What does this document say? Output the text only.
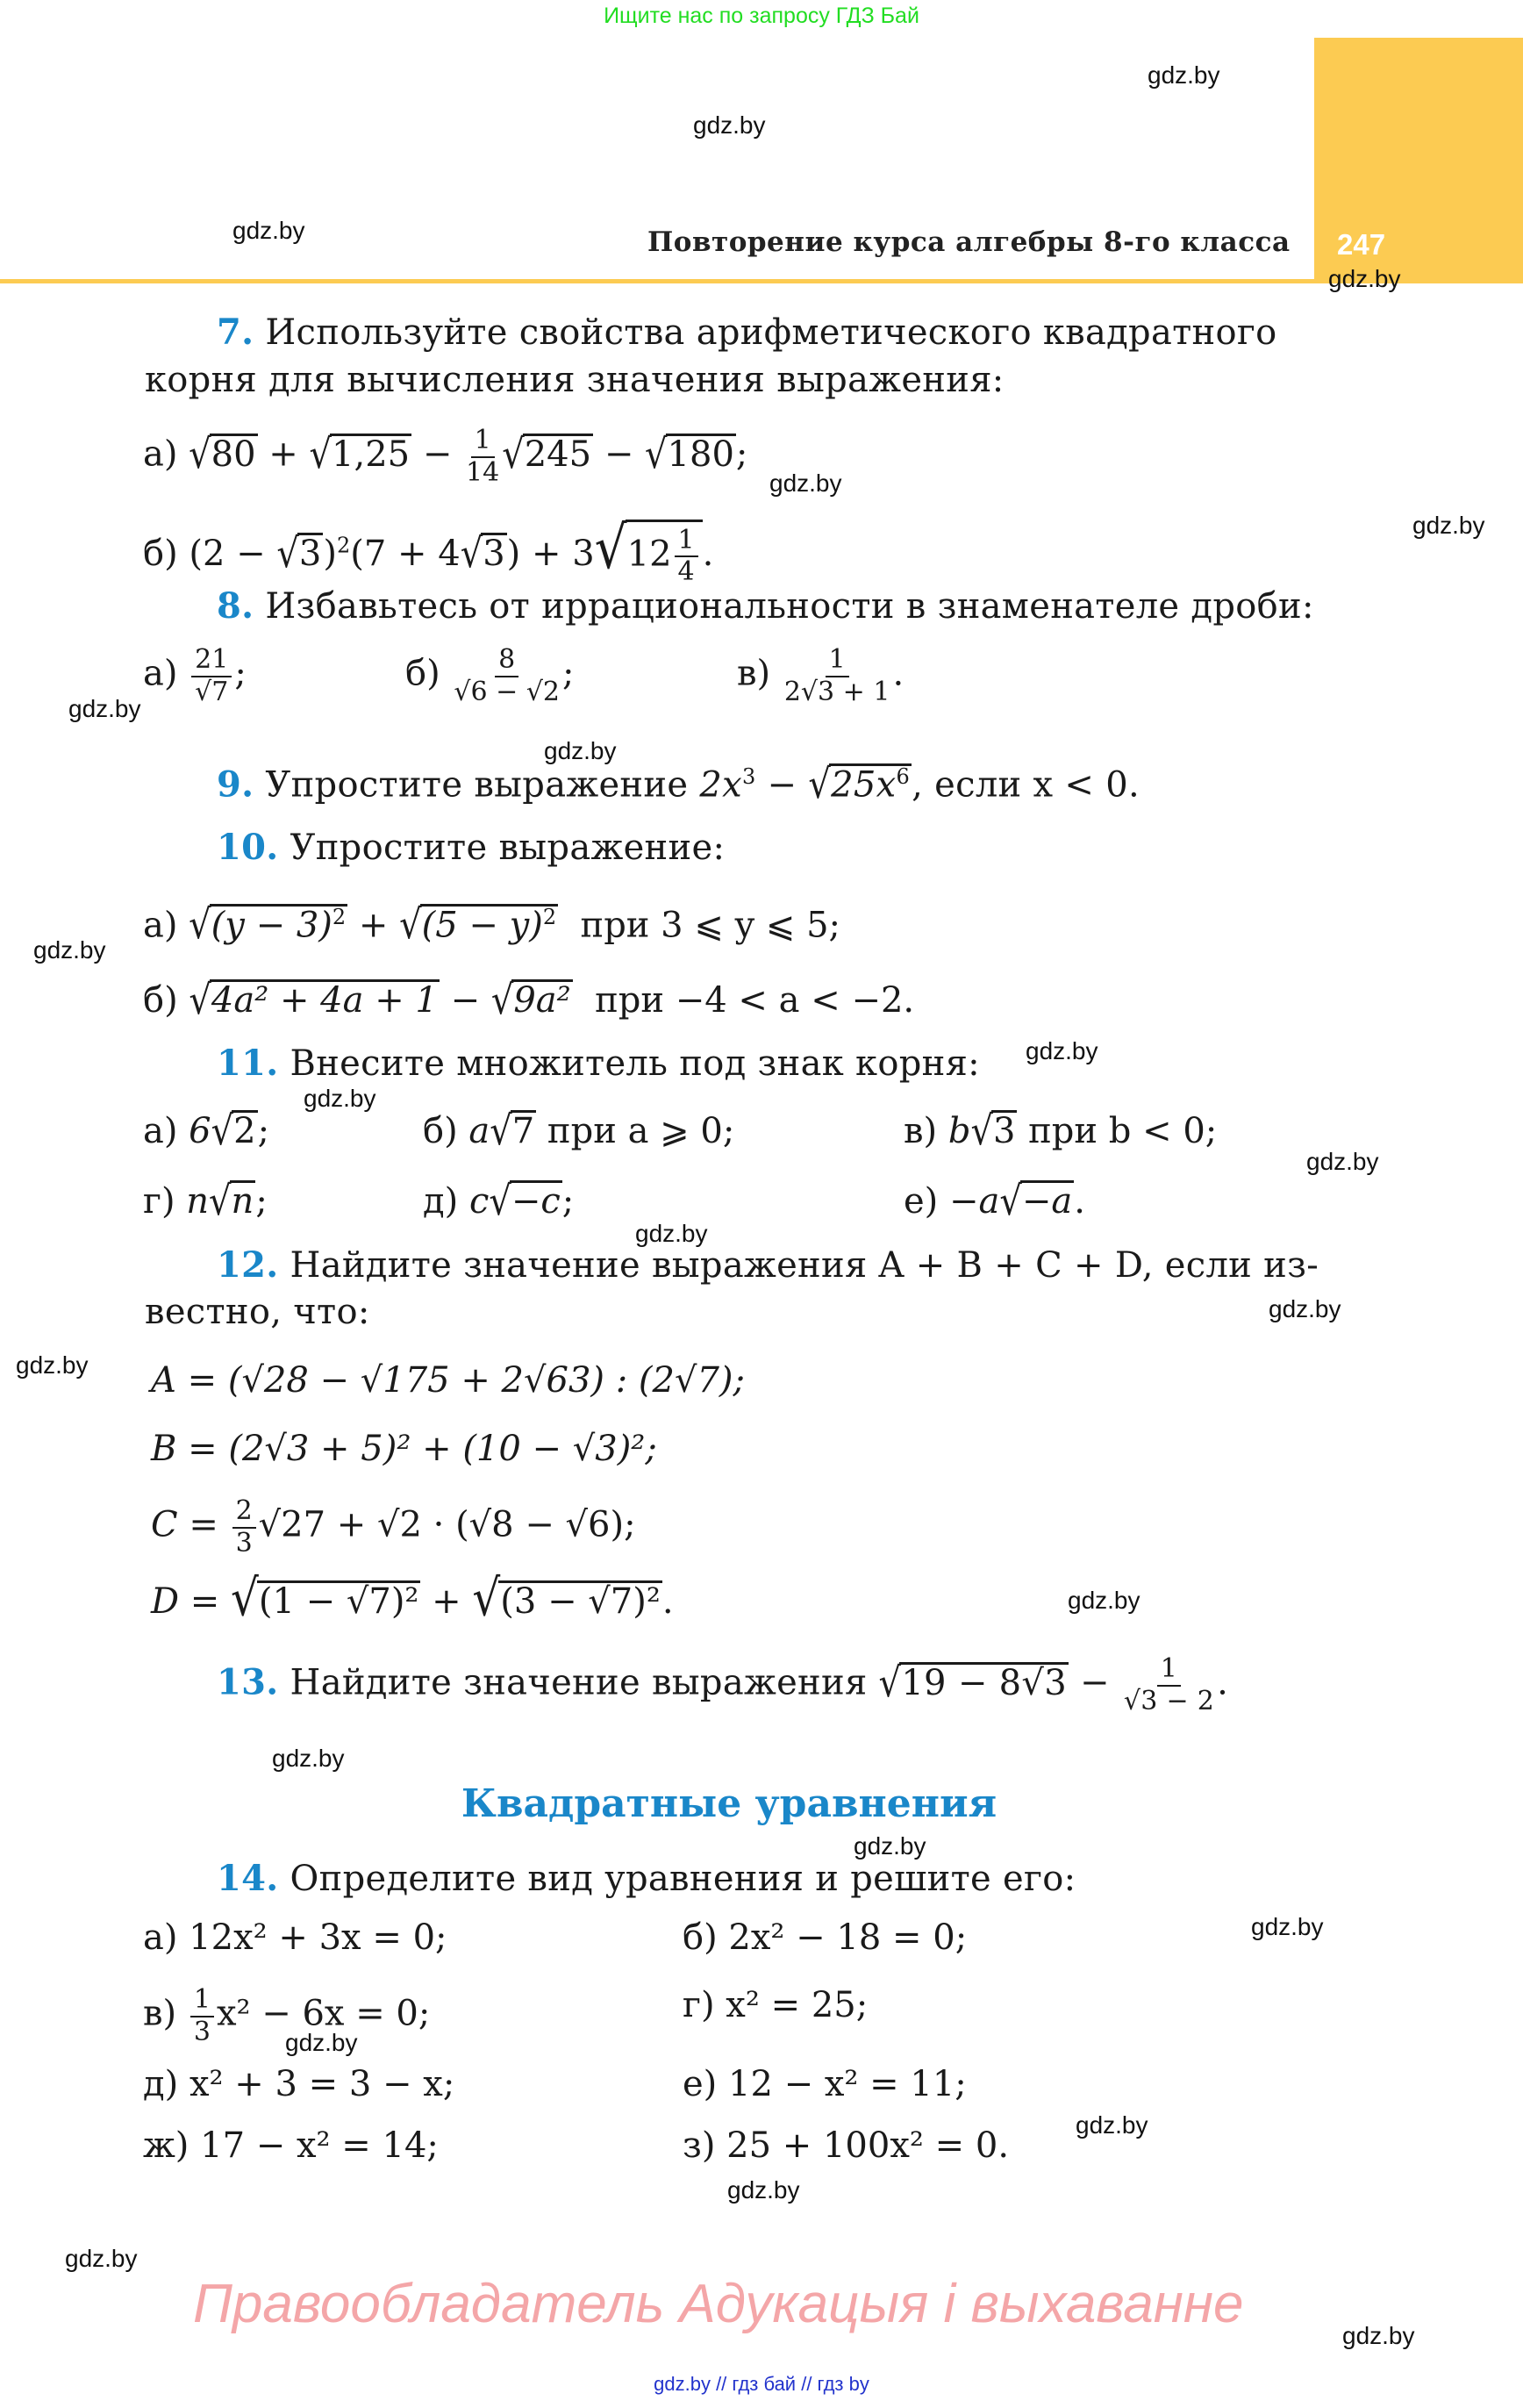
Ищите нас по запросу ГДЗ Бай
Повторение курса алгебры 8-го класса 247
gdz.by
gdz.by
gdz.by
gdz.by
gdz.by
gdz.by
gdz.by
gdz.by
gdz.by
gdz.by
gdz.by
gdz.by
gdz.by
gdz.by
gdz.by
gdz.by
gdz.by
gdz.by
gdz.by
gdz.by
gdz.by
gdz.by
gdz.by
gdz.by
7. Используйте свойства арифметического квадратного
корня для вычисления значения выражения:
а) $√80 + √1,25 - \frac{1}{14} √245 - √180$;
б) $(2 - √3)^2(7 + 4√3) + 3√12 \frac{1}{4}$ .
8. Избавьтесь от иррациональности в знаменателе дроби:
$а) \frac{21}{√7}$ ;	$б) \frac{8}{√6 - √2}$ ;	$в) \frac{1}{2√3 + 1}$ .
9. Упростите выражение $2x^3 - √25x^6$, если x < 0.
10. Упростите выражение:
а) $√(y - 3)^2 + √(5 - y)^2$ при 3 ⩽ y ⩽ 5;
б) √4a² + 4a + 1 − √9a² при −4 < a < −2.
11. Внесите множитель под знак корня:
а) 6√2;	б) a√7 при a ⩾ 0;	в) b√3 при b < 0;
г) n√n;	д) c√−c;	е) −a√−a.
12. Найдите значение выражения A + B + C + D, если из-
вестно, что:
A = (√28 − √175 + 2√63) : (2√7);
B = (2√3 + 5)² + (10 − √3)²;
$C = \frac{2}{3} √27 + √2 \cdot (√8 - √6)$;
D = √(1 − √7)² + √(3 − √7)².
13. Найдите значение выражения $√19 - 8√3 - \frac{1}{√3 - 2}$ .
Квадратные уравнения
14. Определите вид уравнения и решите его:
а) 12x² + 3x = 0;	б) 2x² − 18 = 0;
$в) \frac{1}{3} x^2 - 6x = 0$;	г) x² = 25;
д) x² + 3 = 3 − x;	е) 12 − x² = 11;
ж) 17 − x² = 14;	з) 25 + 100x² = 0.
Правообладатель Адукацыя і выхаванне
gdz.by // гдз бай // гдз by
